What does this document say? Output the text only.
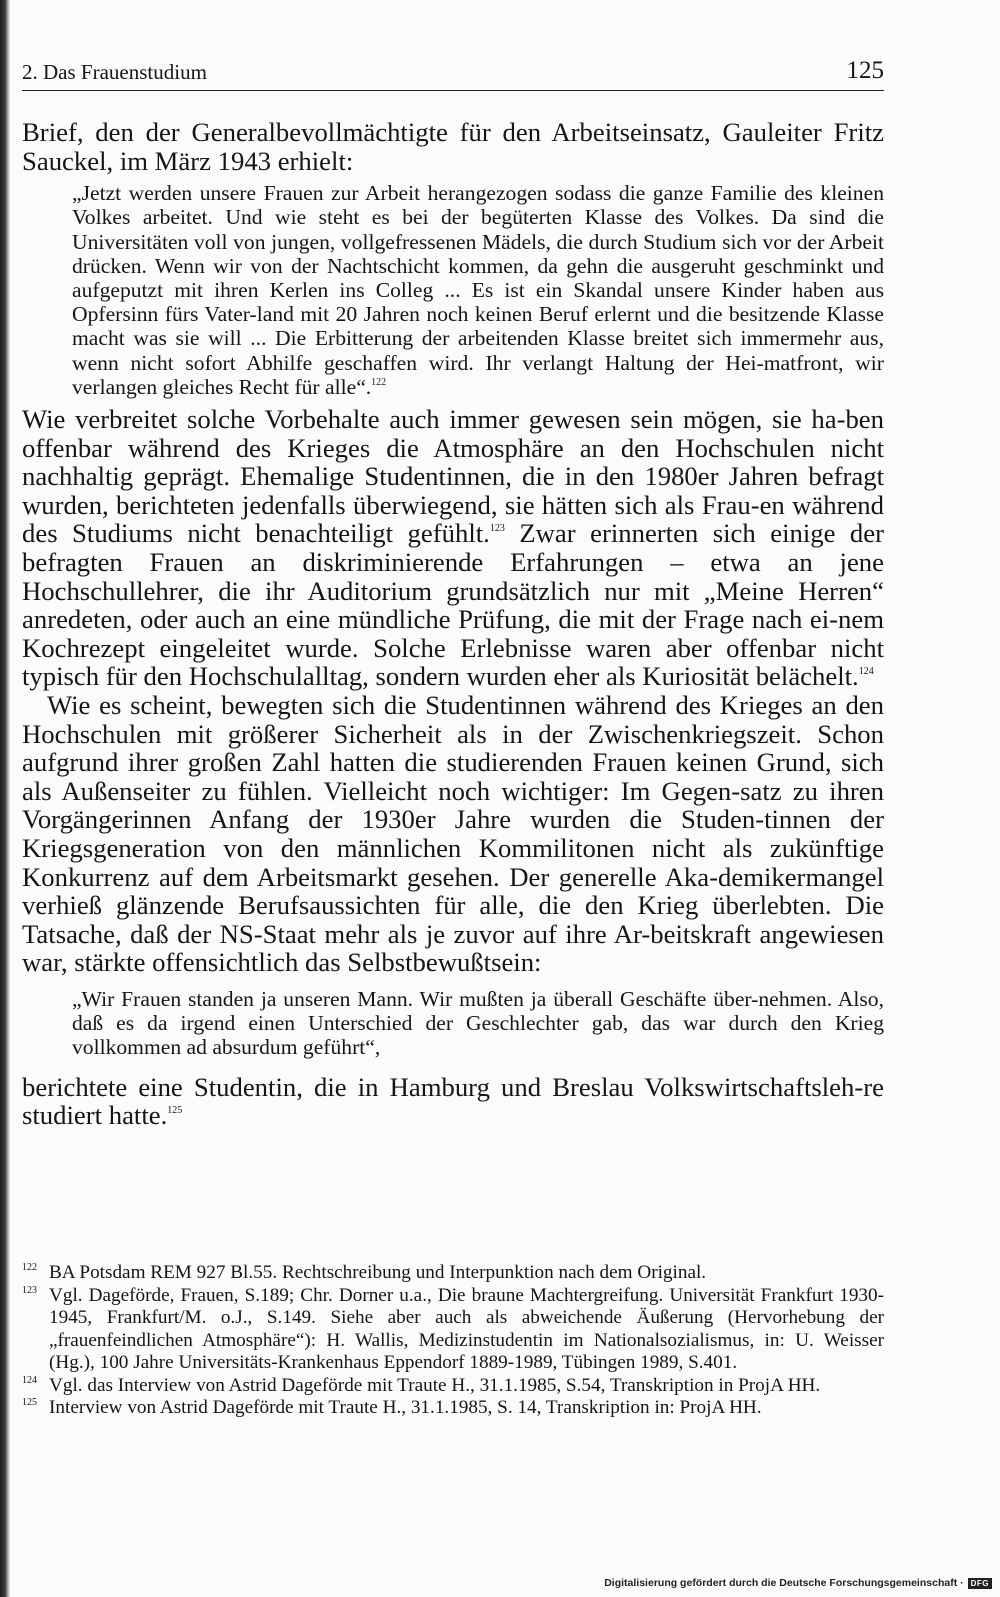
2. Das Frauenstudium	125

Brief, den der Generalbevollmächtigte für den Arbeitseinsatz, Gauleiter Fritz Sauckel, im März 1943 erhielt:

„Jetzt werden unsere Frauen zur Arbeit herangezogen sodass die ganze Familie des kleinen Volkes arbeitet. Und wie steht es bei der begüterten Klasse des Volkes. Da sind die Universitäten voll von jungen, vollgefressenen Mädels, die durch Studium sich vor der Arbeit drücken. Wenn wir von der Nachtschicht kommen, da gehn die ausgeruht geschminkt und aufgeputzt mit ihren Kerlen ins Colleg ... Es ist ein Skandal unsere Kinder haben aus Opfersinn fürs Vater-land mit 20 Jahren noch keinen Beruf erlernt und die besitzende Klasse macht was sie will ... Die Erbitterung der arbeitenden Klasse breitet sich immermehr aus, wenn nicht sofort Abhilfe geschaffen wird. Ihr verlangt Haltung der Hei-matfront, wir verlangen gleiches Recht für alle“.$^{122}$

Wie verbreitet solche Vorbehalte auch immer gewesen sein mögen, sie ha-ben offenbar während des Krieges die Atmosphäre an den Hochschulen nicht nachhaltig geprägt. Ehemalige Studentinnen, die in den 1980er Jahren befragt wurden, berichteten jedenfalls überwiegend, sie hätten sich als Frau-en während des Studiums nicht benachteiligt gefühlt.$^{123}$ Zwar erinnerten sich einige der befragten Frauen an diskriminierende Erfahrungen – etwa an jene Hochschullehrer, die ihr Auditorium grundsätzlich nur mit „Meine Herren“ anredeten, oder auch an eine mündliche Prüfung, die mit der Frage nach ei-nem Kochrezept eingeleitet wurde. Solche Erlebnisse waren aber offenbar nicht typisch für den Hochschulalltag, sondern wurden eher als Kuriosität belächelt.$^{124}$

Wie es scheint, bewegten sich die Studentinnen während des Krieges an den Hochschulen mit größerer Sicherheit als in der Zwischenkriegszeit. Schon aufgrund ihrer großen Zahl hatten die studierenden Frauen keinen Grund, sich als Außenseiter zu fühlen. Vielleicht noch wichtiger: Im Gegen-satz zu ihren Vorgängerinnen Anfang der 1930er Jahre wurden die Studen-tinnen der Kriegsgeneration von den männlichen Kommilitonen nicht als zukünftige Konkurrenz auf dem Arbeitsmarkt gesehen. Der generelle Aka-demikermangel verhieß glänzende Berufsaussichten für alle, die den Krieg überlebten. Die Tatsache, daß der NS-Staat mehr als je zuvor auf ihre Ar-beitskraft angewiesen war, stärkte offensichtlich das Selbstbewußtsein:

„Wir Frauen standen ja unseren Mann. Wir mußten ja überall Geschäfte über-nehmen. Also, daß es da irgend einen Unterschied der Geschlechter gab, das war durch den Krieg vollkommen ad absurdum geführt“,

berichtete eine Studentin, die in Hamburg und Breslau Volkswirtschaftsleh-re studiert hatte.$^{125}$

122 BA Potsdam REM 927 Bl.55. Rechtschreibung und Interpunktion nach dem Original.

123 Vgl. Dageförde, Frauen, S.189; Chr. Dorner u.a., Die braune Machtergreifung. Universität Frankfurt 1930-1945, Frankfurt/M. o.J., S.149. Siehe aber auch als abweichende Äußerung (Hervorhebung der „frauenfeindlichen Atmosphäre“): H. Wallis, Medizinstudentin im Nationalsozialismus, in: U. Weisser (Hg.), 100 Jahre Universitäts-Krankenhaus Eppendorf 1889-1989, Tübingen 1989, S.401.

124 Vgl. das Interview von Astrid Dageförde mit Traute H., 31.1.1985, S.54, Transkription in ProjA HH.

125 Interview von Astrid Dageförde mit Traute H., 31.1.1985, S. 14, Transkription in: ProjA HH.

Digitalisierung gefördert durch die Deutsche Forschungsgemeinschaft · DFG
